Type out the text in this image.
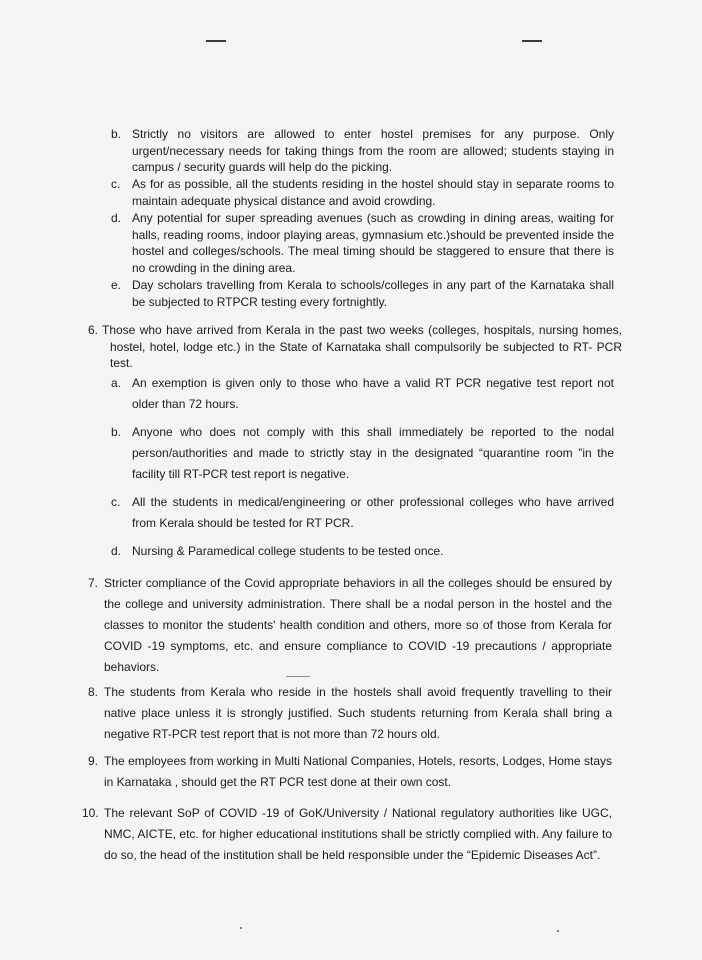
b. Strictly no visitors are allowed to enter hostel premises for any purpose. Only urgent/necessary needs for taking things from the room are allowed; students staying in campus / security guards will help do the picking.

c. As for as possible, all the students residing in the hostel should stay in separate rooms to maintain adequate physical distance and avoid crowding.

d. Any potential for super spreading avenues (such as crowding in dining areas, waiting for halls, reading rooms, indoor playing areas, gymnasium etc.)should be prevented inside the hostel and colleges/schools. The meal timing should be staggered to ensure that there is no crowding in the dining area.

e. Day scholars travelling from Kerala to schools/colleges in any part of the Karnataka shall be subjected to RTPCR testing every fortnightly.

6. Those who have arrived from Kerala in the past two weeks (colleges, hospitals, nursing homes, hostel, hotel, lodge etc.) in the State of Karnataka shall compulsorily be subjected to RT- PCR test.

a. An exemption is given only to those who have a valid RT PCR negative test report not older than 72 hours.

b. Anyone who does not comply with this shall immediately be reported to the nodal person/authorities and made to strictly stay in the designated “quarantine room ”in the facility till RT-PCR test report is negative.

c. All the students in medical/engineering or other professional colleges who have arrived from Kerala should be tested for RT PCR.

d. Nursing & Paramedical college students to be tested once.

7. Stricter compliance of the Covid appropriate behaviors in all the colleges should be ensured by the college and university administration. There shall be a nodal person in the hostel and the classes to monitor the students' health condition and others, more so of those from Kerala for COVID -19 symptoms, etc. and ensure compliance to COVID -19 precautions / appropriate behaviors.

8. The students from Kerala who reside in the hostels shall avoid frequently travelling to their native place unless it is strongly justified. Such students returning from Kerala shall bring a negative RT-PCR test report that is not more than 72 hours old.

9. The employees from working in Multi National Companies, Hotels, resorts, Lodges, Home stays in Karnataka , should get the RT PCR test done at their own cost.

10. The relevant SoP of COVID -19 of GoK/University / National regulatory authorities like UGC, NMC, AICTE, etc. for higher educational institutions shall be strictly complied with. Any failure to do so, the head of the institution shall be held responsible under the “Epidemic Diseases Act”.
